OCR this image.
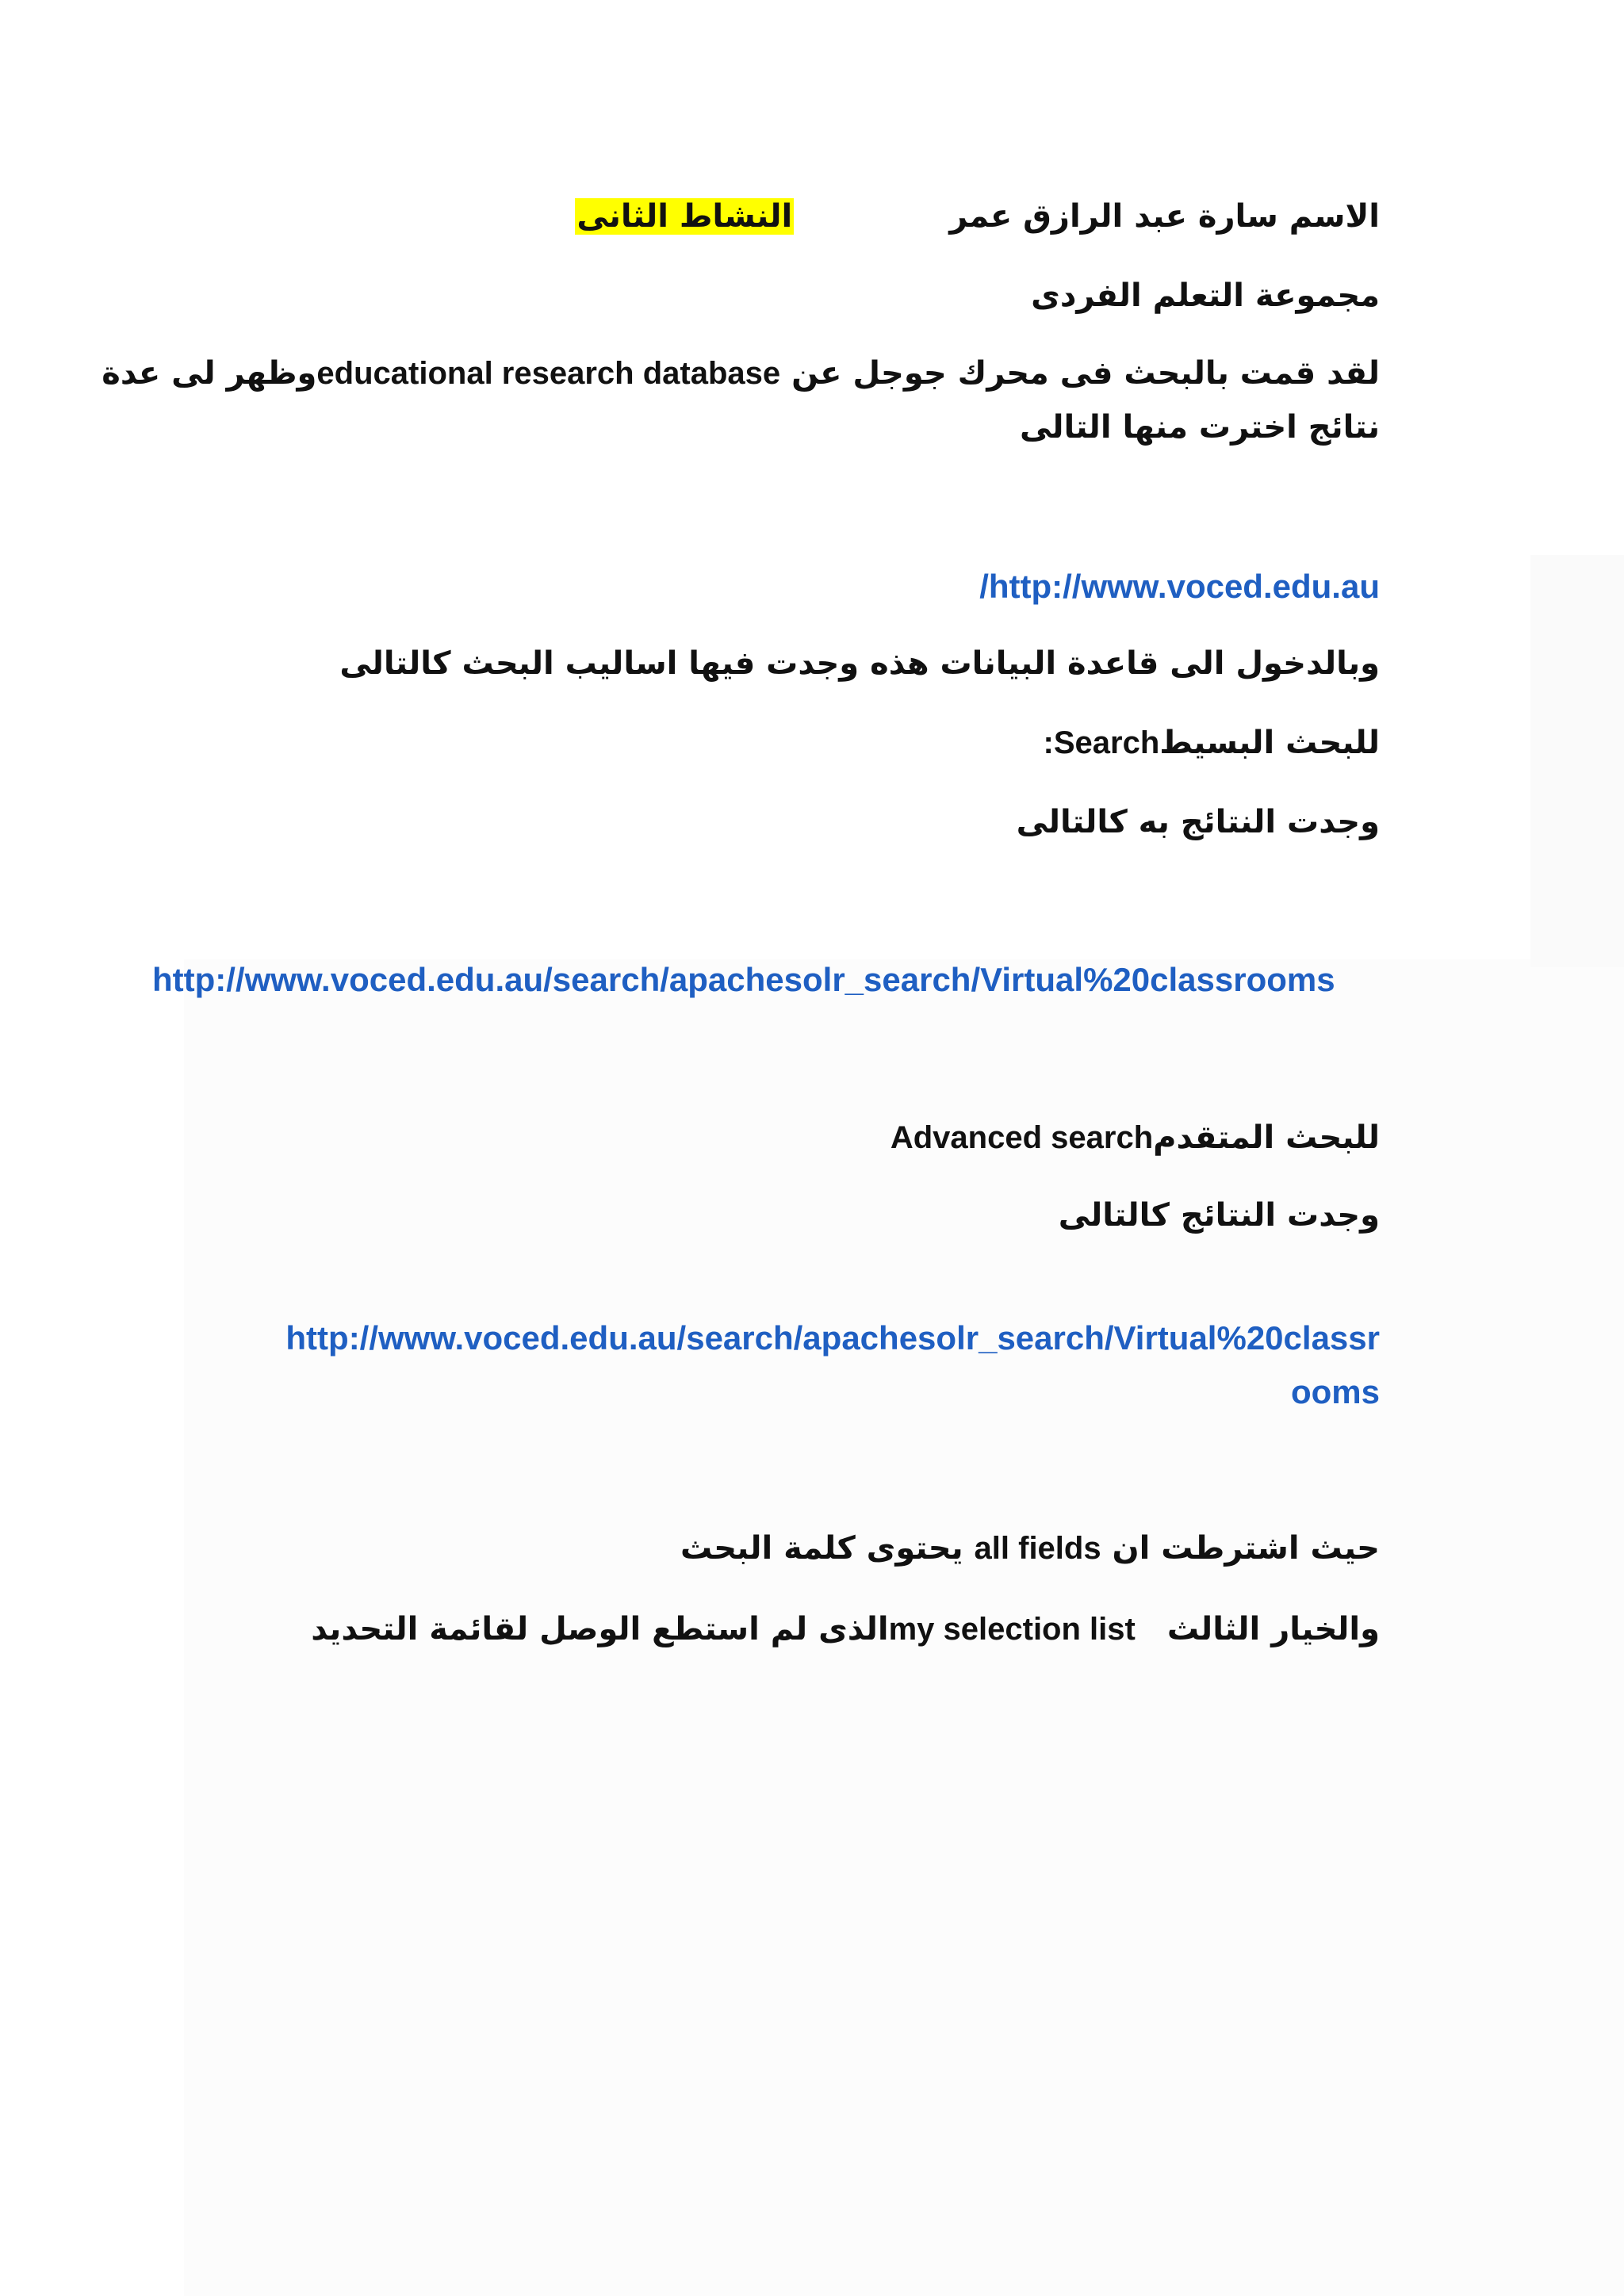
الاسم سارة عبد الرازق عمرالنشاط الثانى
مجموعة التعلم الفردى
لقد قمت بالبحث فى محرك جوجل عن educational research databaseوظهر لى عدة
نتائج اخترت منها التالى
/http://www.voced.edu.au
وبالدخول الى قاعدة البيانات هذه وجدت فيها اساليب البحث كالتالى
للبحث البسيط:Search
وجدت النتائج به كالتالى
http://www.voced.edu.au/search/apachesolr_search/Virtual%20classrooms
للبحث المتقدمAdvanced search
وجدت النتائج كالتالى
http://www.voced.edu.au/search/apachesolr_search/Virtual%20classr
ooms
حيث اشترطت ان all fields يحتوى كلمة البحث
والخيار الثالثmy selection listالذى لم استطع الوصل لقائمة التحديد
